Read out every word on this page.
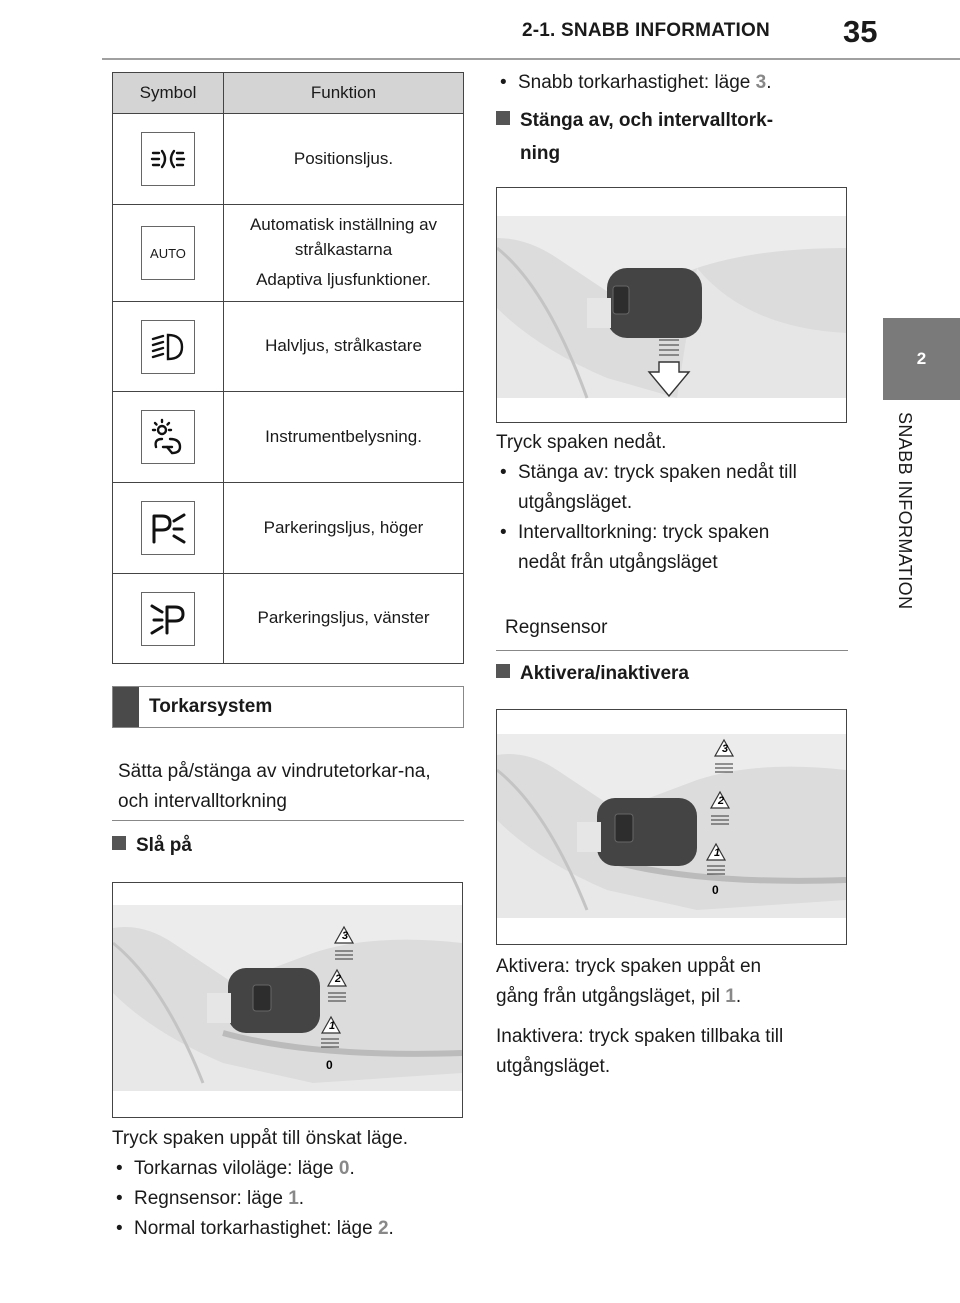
2-1. SNABB INFORMATION 35
2
SNABB INFORMATION
Symbol	Funktion

Positionsljus.

AUTO	Automatisk inställning av strålkastarna

Adaptiva ljusfunktioner.

Halvljus, strålkastare

Instrumentbelysning.

Parkeringsljus, höger

Parkeringsljus, vänster

Torkarsystem
Sätta på/stänga av vindrutetorkar-na, och intervalltorkning
Slå på
3
2
1
0
Tryck spaken uppåt till önskat läge.
• Torkarnas viloläge: läge 0.
• Regnsensor: läge 1.
• Normal torkarhastighet: läge 2.
• Snabb torkarhastighet: läge 3.
Stänga av, och intervalltork-
ning
Tryck spaken nedåt.
• Stänga av: tryck spaken nedåt till
utgångsläget.
• Intervalltorkning: tryck spaken
nedåt från utgångsläget
Regnsensor
Aktivera/inaktivera
3
2
1
0
Aktivera: tryck spaken uppåt en
gång från utgångsläget, pil 1.
Inaktivera: tryck spaken tillbaka till
utgångsläget.
